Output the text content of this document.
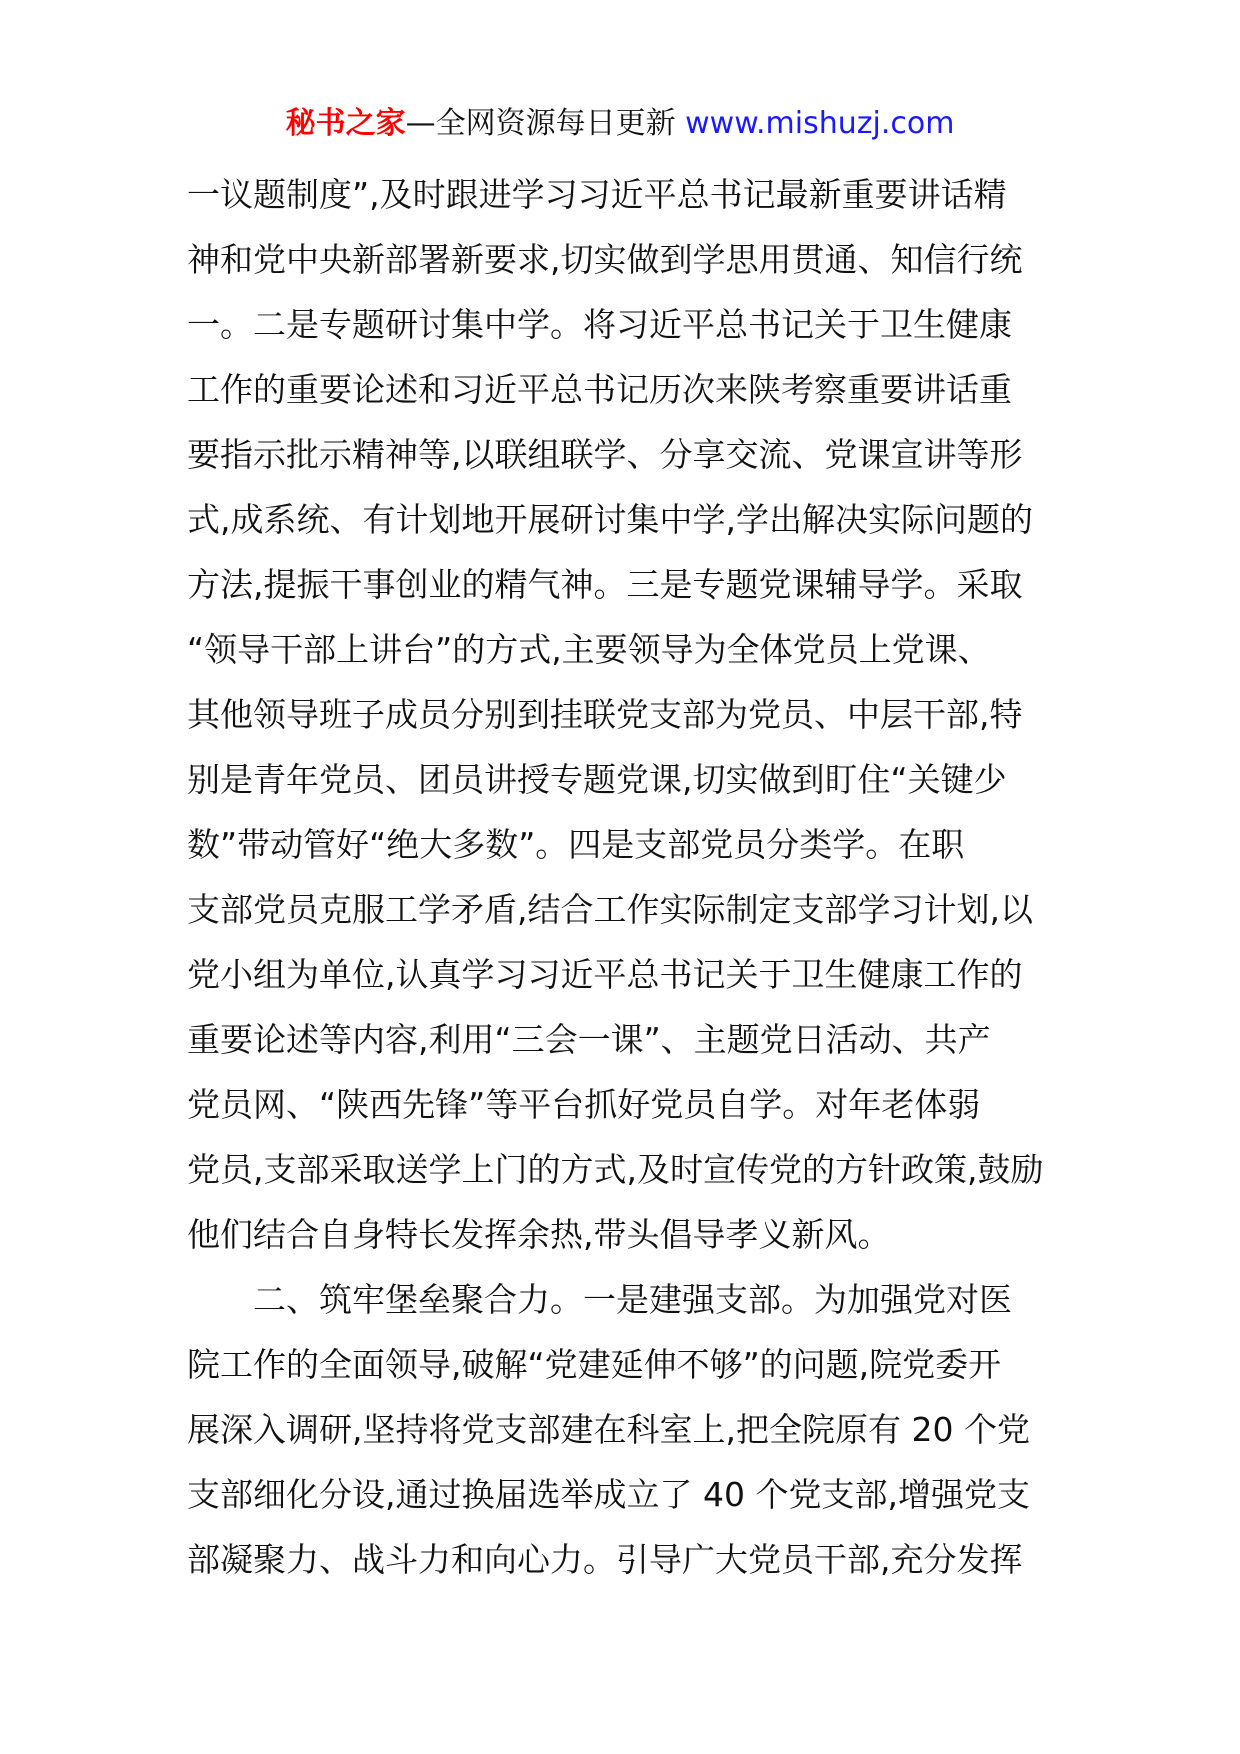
秘书之家—全网资源每日更新 www.mishuzj.com
一议题制度”,及时跟进学习习近平总书记最新重要讲话精
神和党中央新部署新要求,切实做到学思用贯通、知信行统
一。二是专题研讨集中学。将习近平总书记关于卫生健康
工作的重要论述和习近平总书记历次来陕考察重要讲话重
要指示批示精神等,以联组联学、分享交流、党课宣讲等形
式,成系统、有计划地开展研讨集中学,学出解决实际问题的
方法,提振干事创业的精气神。三是专题党课辅导学。采取
“领导干部上讲台”的方式,主要领导为全体党员上党课、
其他领导班子成员分别到挂联党支部为党员、中层干部,特
别是青年党员、团员讲授专题党课,切实做到盯住“关键少
数”带动管好“绝大多数”。四是支部党员分类学。在职
支部党员克服工学矛盾,结合工作实际制定支部学习计划,以
党小组为单位,认真学习习近平总书记关于卫生健康工作的
重要论述等内容,利用“三会一课”、主题党日活动、共产
党员网、“陕西先锋”等平台抓好党员自学。对年老体弱
党员,支部采取送学上门的方式,及时宣传党的方针政策,鼓励
他们结合自身特长发挥余热,带头倡导孝义新风。
　　二、筑牢堡垒聚合力。一是建强支部。为加强党对医
院工作的全面领导,破解“党建延伸不够”的问题,院党委开
展深入调研,坚持将党支部建在科室上,把全院原有 20 个党
支部细化分设,通过换届选举成立了 40 个党支部,增强党支
部凝聚力、战斗力和向心力。引导广大党员干部,充分发挥
